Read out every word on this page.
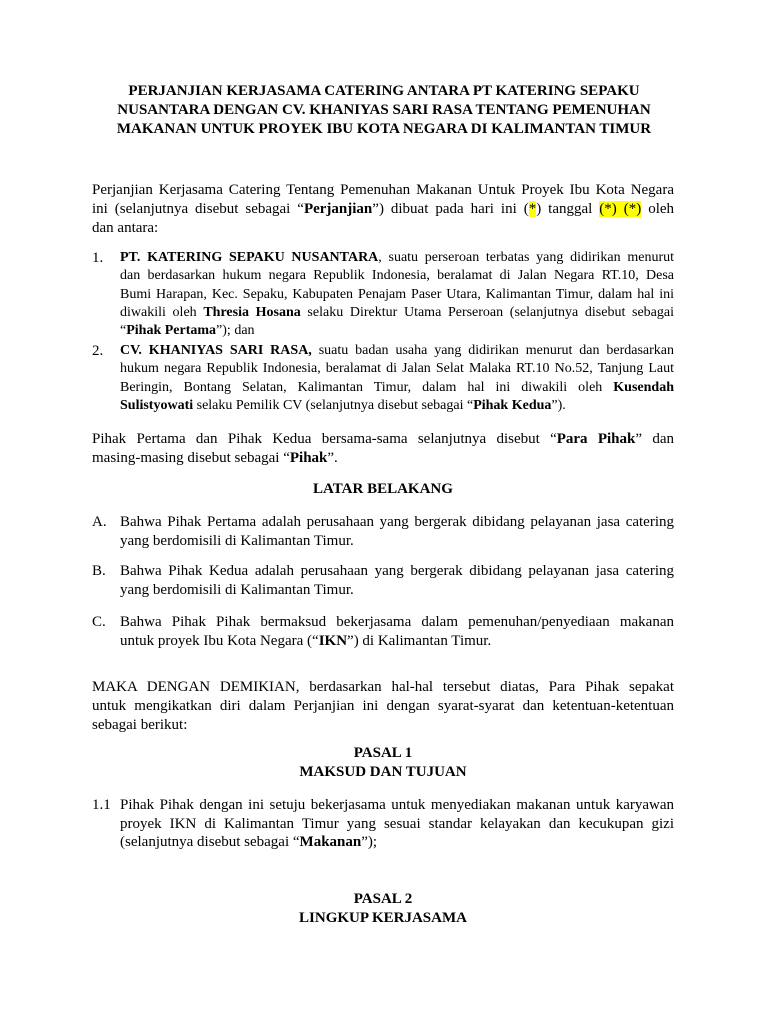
PERJANJIAN KERJASAMA CATERING ANTARA PT KATERING SEPAKU
NUSANTARA DENGAN CV. KHANIYAS SARI RASA TENTANG PEMENUHAN
MAKANAN UNTUK PROYEK IBU KOTA NEGARA DI KALIMANTAN TIMUR

Perjanjian Kerjasama Catering Tentang Pemenuhan Makanan Untuk Proyek Ibu Kota Negara
ini (selanjutnya disebut sebagai “Perjanjian”) dibuat pada hari ini (*) tanggal (*) (*) oleh
dan antara:

1. PT. KATERING SEPAKU NUSANTARA, suatu perseroan terbatas yang didirikan menurut
dan berdasarkan hukum negara Republik Indonesia, beralamat di Jalan Negara RT.10, Desa
Bumi Harapan, Kec. Sepaku, Kabupaten Penajam Paser Utara, Kalimantan Timur, dalam hal ini
diwakili oleh Thresia Hosana selaku Direktur Utama Perseroan (selanjutnya disebut sebagai
“Pihak Pertama”); dan
2. CV. KHANIYAS SARI RASA, suatu badan usaha yang didirikan menurut dan berdasarkan
hukum negara Republik Indonesia, beralamat di Jalan Selat Malaka RT.10 No.52, Tanjung Laut
Beringin, Bontang Selatan, Kalimantan Timur, dalam hal ini diwakili oleh Kusendah
Sulistyowati selaku Pemilik CV (selanjutnya disebut sebagai “Pihak Kedua”).

Pihak Pertama dan Pihak Kedua bersama-sama selanjutnya disebut “Para Pihak” dan
masing-masing disebut sebagai “Pihak”.

LATAR BELAKANG
A. Bahwa Pihak Pertama adalah perusahaan yang bergerak dibidang pelayanan jasa catering
yang berdomisili di Kalimantan Timur.
B. Bahwa Pihak Kedua adalah perusahaan yang bergerak dibidang pelayanan jasa catering
yang berdomisili di Kalimantan Timur.
C. Bahwa Pihak Pihak bermaksud bekerjasama dalam pemenuhan/penyediaan makanan
untuk proyek Ibu Kota Negara (“IKN”) di Kalimantan Timur.

MAKA DENGAN DEMIKIAN, berdasarkan hal-hal tersebut diatas, Para Pihak sepakat
untuk mengikatkan diri dalam Perjanjian ini dengan syarat-syarat dan ketentuan-ketentuan
sebagai berikut:

PASAL 1
MAKSUD DAN TUJUAN
1.1 Pihak Pihak dengan ini setuju bekerjasama untuk menyediakan makanan untuk karyawan
proyek IKN di Kalimantan Timur yang sesuai standar kelayakan dan kecukupan gizi
(selanjutnya disebut sebagai “Makanan”);
PASAL 2
LINGKUP KERJASAMA
